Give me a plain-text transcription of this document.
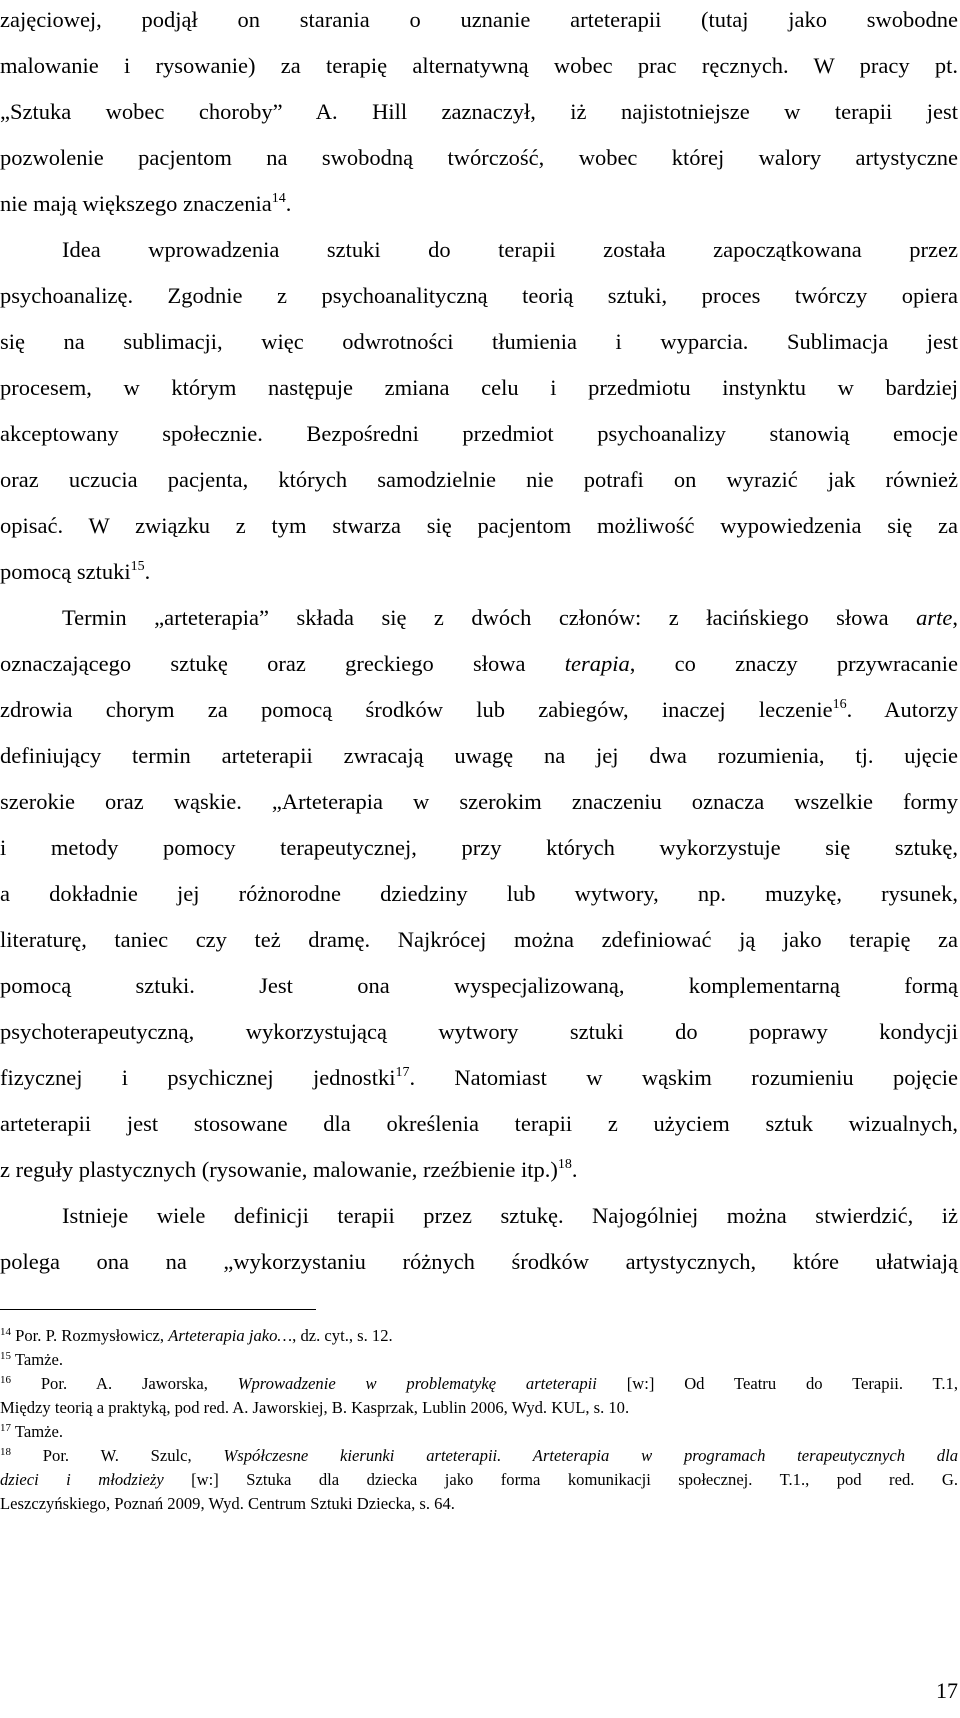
zajęciowej, podjął on starania o uznanie arteterapii (tutaj jako swobodne
malowanie i rysowanie) za terapię alternatywną wobec prac ręcznych. W pracy pt.
„Sztuka wobec choroby” A. Hill zaznaczył, iż najistotniejsze w terapii jest
pozwolenie pacjentom na swobodną twórczość, wobec której walory artystyczne
nie mają większego znaczenia$^{14}$.
Idea wprowadzenia sztuki do terapii została zapoczątkowana przez
psychoanalizę. Zgodnie z psychoanalityczną teorią sztuki, proces twórczy opiera
się na sublimacji, więc odwrotności tłumienia i wyparcia. Sublimacja jest
procesem, w którym następuje zmiana celu i przedmiotu instynktu w bardziej
akceptowany społecznie. Bezpośredni przedmiot psychoanalizy stanowią emocje
oraz uczucia pacjenta, których samodzielnie nie potrafi on wyrazić jak również
opisać. W związku z tym stwarza się pacjentom możliwość wypowiedzenia się za
pomocą sztuki$^{15}$.
Termin „arteterapia” składa się z dwóch członów: z łacińskiego słowa arte,
oznaczającego sztukę oraz greckiego słowa terapia, co znaczy przywracanie
zdrowia chorym za pomocą środków lub zabiegów, inaczej leczenie$^{16}$. Autorzy
definiujący termin arteterapii zwracają uwagę na jej dwa rozumienia, tj. ujęcie
szerokie oraz wąskie. „Arteterapia w szerokim znaczeniu oznacza wszelkie formy
i metody pomocy terapeutycznej, przy których wykorzystuje się sztukę,
a dokładnie jej różnorodne dziedziny lub wytwory, np. muzykę, rysunek,
literaturę, taniec czy też dramę. Najkrócej można zdefiniować ją jako terapię za
pomocą sztuki. Jest ona wyspecjalizowaną, komplementarną formą
psychoterapeutyczną, wykorzystującą wytwory sztuki do poprawy kondycji
fizycznej i psychicznej jednostki$^{17}$. Natomiast w wąskim rozumieniu pojęcie
arteterapii jest stosowane dla określenia terapii z użyciem sztuk wizualnych,
z reguły plastycznych (rysowanie, malowanie, rzeźbienie itp.)$^{18}$.
Istnieje wiele definicji terapii przez sztukę. Najogólniej można stwierdzić, iż
polega ona na „wykorzystaniu różnych środków artystycznych, które ułatwiają
$^{14}$ Por. P. Rozmysłowicz, Arteterapia jako…, dz. cyt., s. 12.
$^{15}$ Tamże.
$^{16}$ Por. A. Jaworska, Wprowadzenie w problematykę arteterapii [w:] Od Teatru do Terapii. T.1,
Między teorią a praktyką, pod red. A. Jaworskiej, B. Kasprzak, Lublin 2006, Wyd. KUL, s. 10.
$^{17}$ Tamże.
$^{18}$ Por. W. Szulc, Współczesne kierunki arteterapii. Arteterapia w programach terapeutycznych dla
dzieci i młodzieży [w:] Sztuka dla dziecka jako forma komunikacji społecznej. T.1., pod red. G.
Leszczyńskiego, Poznań 2009, Wyd. Centrum Sztuki Dziecka, s. 64.
17
